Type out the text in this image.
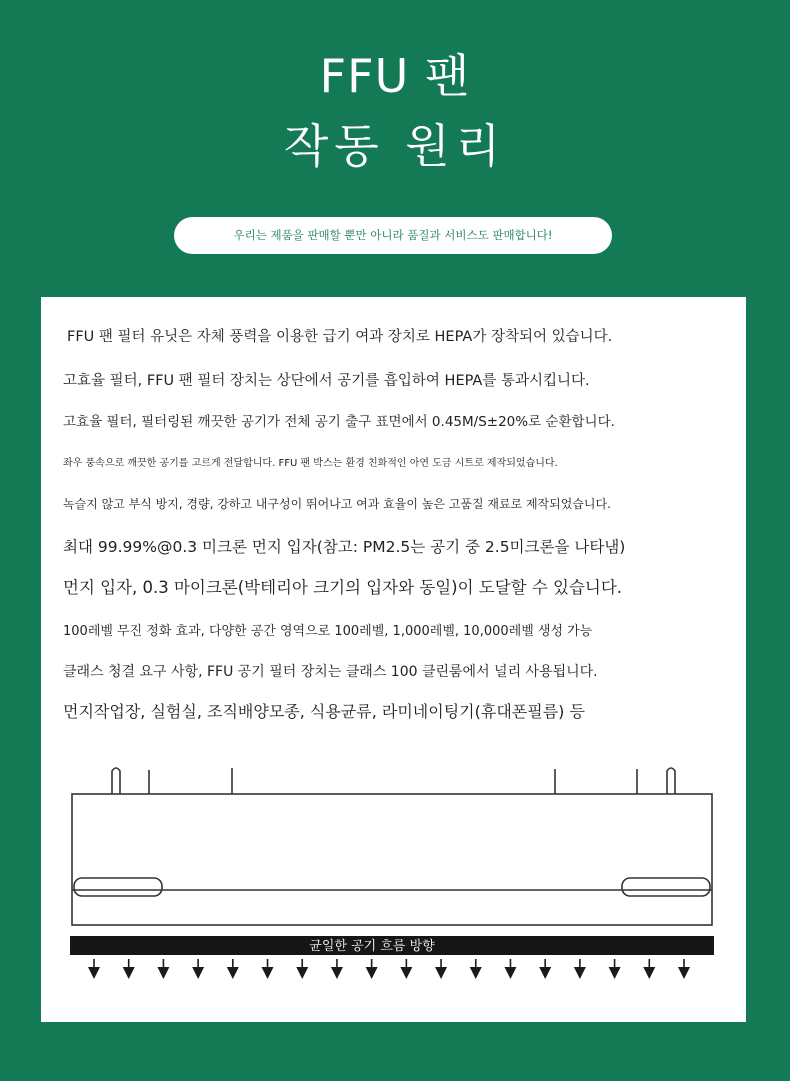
FFU 팬
작동 원리
우리는 제품을 판매할 뿐만 아니라 품질과 서비스도 판매합니다!
FFU 팬 필터 유닛은 자체 풍력을 이용한 급기 여과 장치로 HEPA가 장착되어 있습니다.
고효율 필터, FFU 팬 필터 장치는 상단에서 공기를 흡입하여 HEPA를 통과시킵니다.
고효율 필터, 필터링된 깨끗한 공기가 전체 공기 출구 표면에서 0.45M/S±20%로 순환합니다.
좌우 풍속으로 깨끗한 공기를 고르게 전달합니다. FFU 팬 박스는 환경 친화적인 아연 도금 시트로 제작되었습니다.
녹슬지 않고 부식 방지, 경량, 강하고 내구성이 뛰어나고 여과 효율이 높은 고품질 재료로 제작되었습니다.
최대 99.99%@0.3 미크론 먼지 입자(참고: PM2.5는 공기 중 2.5미크론을 나타냄)
먼지 입자, 0.3 마이크론(박테리아 크기의 입자와 동일)이 도달할 수 있습니다.
100레벨 무진 정화 효과, 다양한 공간 영역으로 100레벨, 1,000레벨, 10,000레벨 생성 가능
클래스 청결 요구 사항, FFU 공기 필터 장치는 클래스 100 클린룸에서 널리 사용됩니다.
먼지작업장, 실험실, 조직배양모종, 식용균류, 라미네이팅기(휴대폰필름) 등
균일한 공기 흐름 방향
